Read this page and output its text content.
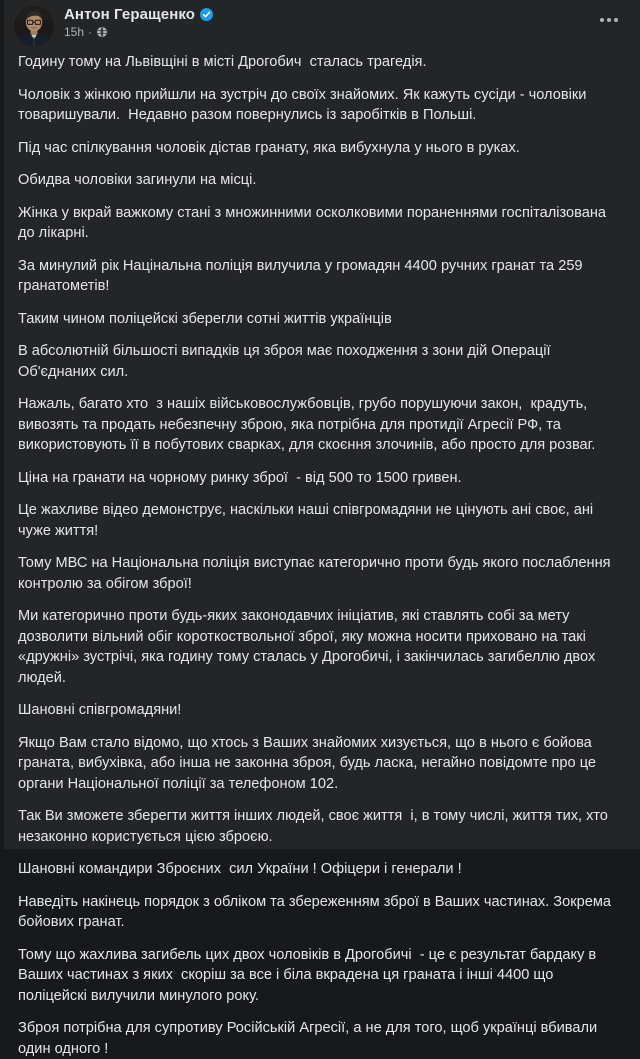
Антон Геращенко
15h ·

Годину тому на Львівщіні в місті Дрогобич  сталась трагедія.

Чоловік з жінкою прийшли на зустріч до своїх знайомих. Як кажуть сусіди - чоловіки товаришували.  Недавно разом повернулись із заробітків в Польші.

Під час спілкування чоловік дістав гранату, яка вибухнула у нього в руках.

Обидва чоловіки загинули на місці.

Жінка у вкрай важкому стані з множинними осколковими пораненнями госпіталізована до лікарні.

За минулий рік Націнальна поліція вилучила у громадян 4400 ручних гранат та 259 гранатометів!

Таким чином поліцейскі зберегли сотні життів українців

В абсолютній більшості випадків ця зброя має походження з зони дій Операції Об'єднаних сил.

Нажаль, багато хто  з нашіх військовослужбовців, грубо порушуючи закон,  крадуть, вивозять та продать небезпечну зброю, яка потрібна для протидії Агресії РФ, та використовують її в побутових сварках, для скоєння злочинів, або просто для розваг.

Ціна на гранати на чорному ринку зброї  - від 500 то 1500 гривен.

Це жахливе відео демонструє, наскільки наші співгромадяни не цінують ані своє, ані чуже життя!

Тому МВС на Національна поліція виступає категорично проти будь якого послаблення контролю за обігом зброї!

Ми категорично проти будь-яких законодавчих ініціатив, які ставлять собі за мету дозволити вільний обіг короткоствольної зброї, яку можна носити приховано на такі «дружні» зустрічі, яка годину тому сталась у Дрогобичі, і закінчилась загибеллю двох людей.

Шановні співгромадяни!

Якщо Вам стало відомо, що хтось з Ваших знайомих хизується, що в нього є бойова граната, вибухівка, або інша не законна зброя, будь ласка, негайно повідомте про це органи Національної поліції за телефоном 102.

Так Ви зможете зберегти життя інших людей, своє життя  і, в тому числі, життя тих, хто незаконно користується цією зброєю.

Шановні командири Зброєних  сил України ! Офіцери і генерали !

Наведіть накінець порядок з обліком та збереженням зброї в Ваших частинах. Зокрема бойових гранат.

Тому що жахлива загибель цих двох чоловіків в Дрогобичі  - це є результат бардаку в Ваших частинах з яких  скоріш за все і біла вкрадена ця граната і інші 4400 що поліцейскі вилучили минулого року.

Зброя потрібна для супротиву Російській Агресії, а не для того, щоб українці вбивали один одного !
